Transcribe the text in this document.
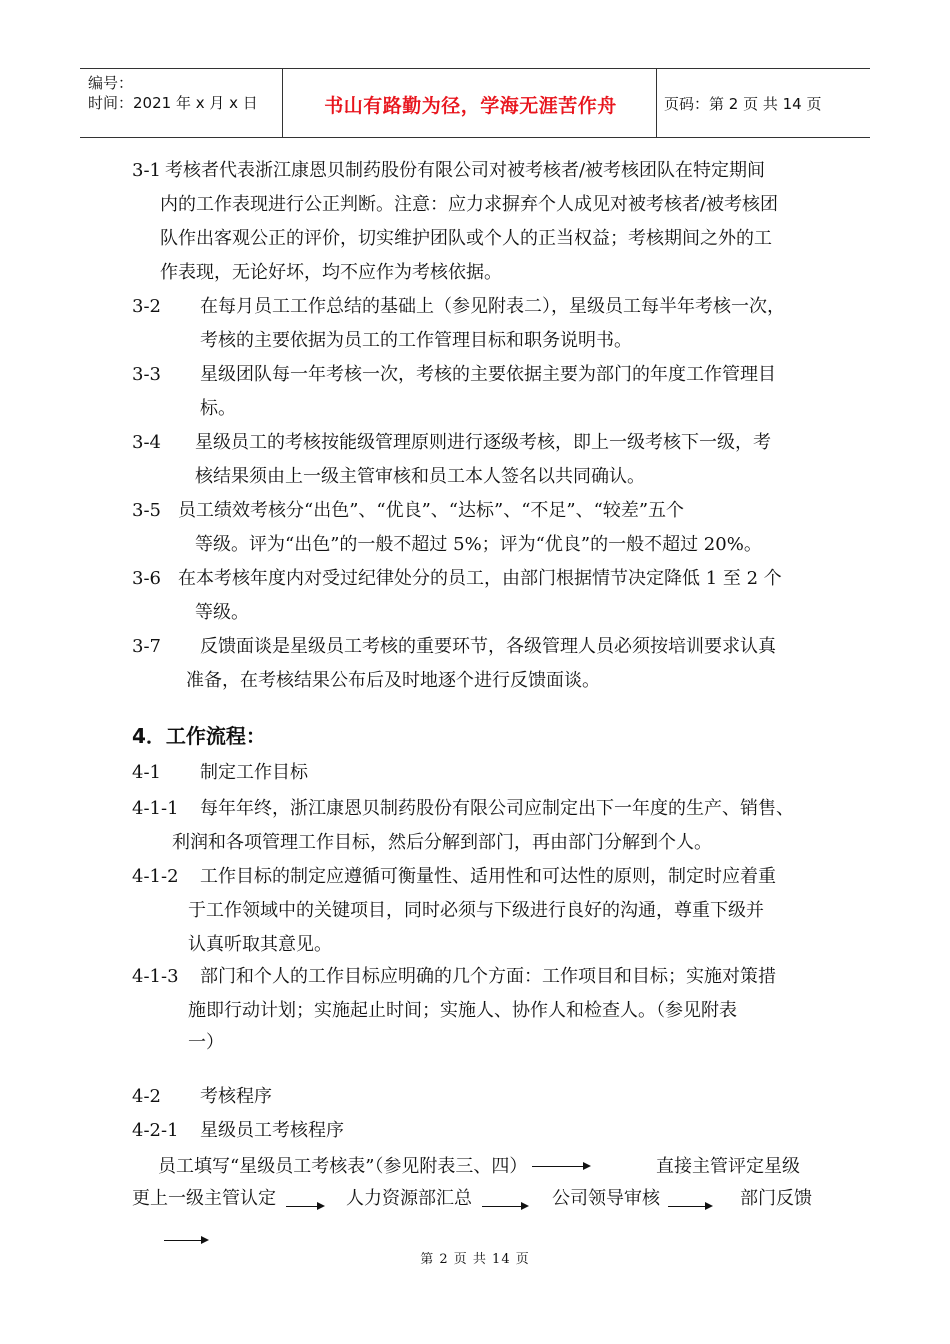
编号：
时间：2021 年 x 月 x 日	书山有路勤为径，学海无涯苦作舟	页码：第 2 页 共 14 页
3-1 考核者代表浙江康恩贝制药股份有限公司对被考核者/被考核团队在特定期间
内的工作表现进行公正判断。注意：应力求摒弃个人成见对被考核者/被考核团
队作出客观公正的评价，切实维护团队或个人的正当权益；考核期间之外的工
作表现，无论好坏，均不应作为考核依据。
3-2 在每月员工工作总结的基础上（参见附表二），星级员工每半年考核一次，
考核的主要依据为员工的工作管理目标和职务说明书。
3-3 星级团队每一年考核一次，考核的主要依据主要为部门的年度工作管理目
标。
3-4 星级员工的考核按能级管理原则进行逐级考核，即上一级考核下一级，考
核结果须由上一级主管审核和员工本人签名以共同确认。
3-5 员工绩效考核分“出色”、“优良”、“达标”、“不足”、“较差”五个
等级。评为“出色”的一般不超过 5%；评为“优良”的一般不超过 20%。
3-6 在本考核年度内对受过纪律处分的员工，由部门根据情节决定降低 1 至 2 个
等级。
3-7 反馈面谈是星级员工考核的重要环节，各级管理人员必须按培训要求认真
准备，在考核结果公布后及时地逐个进行反馈面谈。
4．工作流程：
4-1 制定工作目标
4-1-1 每年年终，浙江康恩贝制药股份有限公司应制定出下一年度的生产、销售、
利润和各项管理工作目标，然后分解到部门，再由部门分解到个人。
4-1-2 工作目标的制定应遵循可衡量性、适用性和可达性的原则，制定时应着重
于工作领域中的关键项目，同时必须与下级进行良好的沟通，尊重下级并
认真听取其意见。
4-1-3 部门和个人的工作目标应明确的几个方面：工作项目和目标；实施对策措
施即行动计划；实施起止时间；实施人、协作人和检查人。（参见附表
一）
4-2 考核程序
4-2-1 星级员工考核程序
员工填写“星级员工考核表”（参见附表三、四）	直接主管评定星级
更上一级主管认定	人力资源部汇总	公司领导审核	部门反馈
第 2 页 共 14 页
